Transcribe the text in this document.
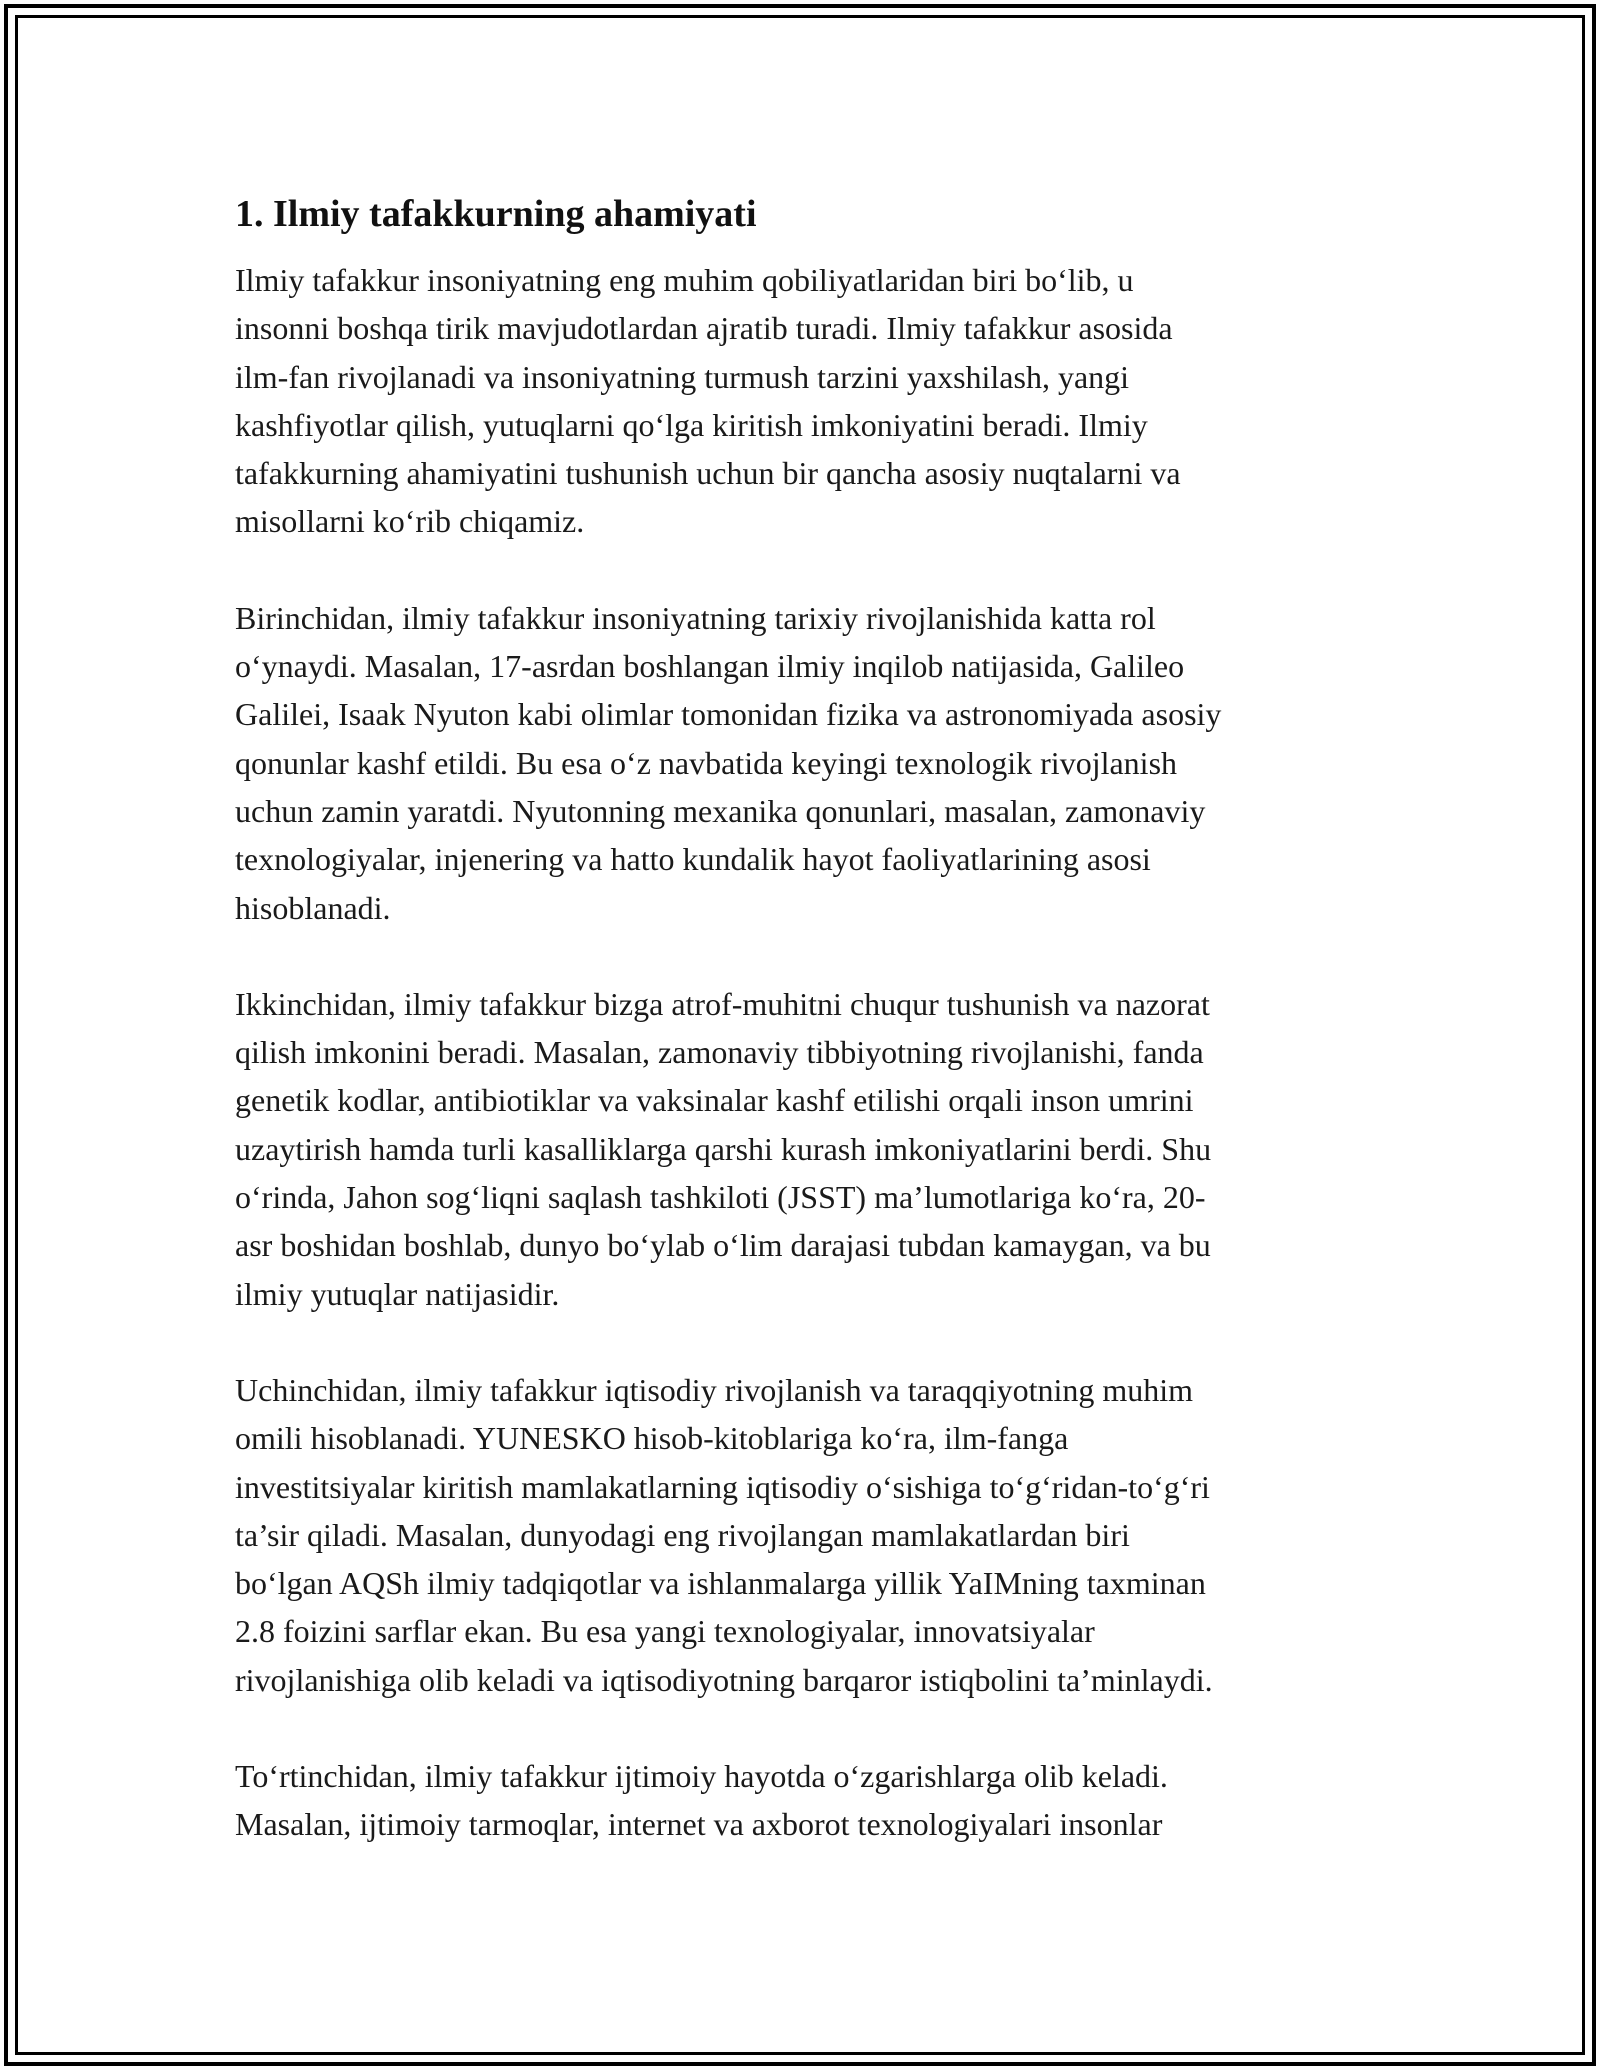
1. Ilmiy tafakkurning ahamiyati

Ilmiy tafakkur insoniyatning eng muhim qobiliyatlaridan biri bo‘lib, u
insonni boshqa tirik mavjudotlardan ajratib turadi. Ilmiy tafakkur asosida
ilm-fan rivojlanadi va insoniyatning turmush tarzini yaxshilash, yangi
kashfiyotlar qilish, yutuqlarni qo‘lga kiritish imkoniyatini beradi. Ilmiy
tafakkurning ahamiyatini tushunish uchun bir qancha asosiy nuqtalarni va
misollarni ko‘rib chiqamiz.

Birinchidan, ilmiy tafakkur insoniyatning tarixiy rivojlanishida katta rol
o‘ynaydi. Masalan, 17-asrdan boshlangan ilmiy inqilob natijasida, Galileo
Galilei, Isaak Nyuton kabi olimlar tomonidan fizika va astronomiyada asosiy
qonunlar kashf etildi. Bu esa o‘z navbatida keyingi texnologik rivojlanish
uchun zamin yaratdi. Nyutonning mexanika qonunlari, masalan, zamonaviy
texnologiyalar, injenering va hatto kundalik hayot faoliyatlarining asosi
hisoblanadi.

Ikkinchidan, ilmiy tafakkur bizga atrof-muhitni chuqur tushunish va nazorat
qilish imkonini beradi. Masalan, zamonaviy tibbiyotning rivojlanishi, fanda
genetik kodlar, antibiotiklar va vaksinalar kashf etilishi orqali inson umrini
uzaytirish hamda turli kasalliklarga qarshi kurash imkoniyatlarini berdi. Shu
o‘rinda, Jahon sog‘liqni saqlash tashkiloti (JSST) ma’lumotlariga ko‘ra, 20-
asr boshidan boshlab, dunyo bo‘ylab o‘lim darajasi tubdan kamaygan, va bu
ilmiy yutuqlar natijasidir.

Uchinchidan, ilmiy tafakkur iqtisodiy rivojlanish va taraqqiyotning muhim
omili hisoblanadi. YUNESKO hisob-kitoblariga ko‘ra, ilm-fanga
investitsiyalar kiritish mamlakatlarning iqtisodiy o‘sishiga to‘g‘ridan-to‘g‘ri
ta’sir qiladi. Masalan, dunyodagi eng rivojlangan mamlakatlardan biri
bo‘lgan AQSh ilmiy tadqiqotlar va ishlanmalarga yillik YaIMning taxminan
2.8 foizini sarflar ekan. Bu esa yangi texnologiyalar, innovatsiyalar
rivojlanishiga olib keladi va iqtisodiyotning barqaror istiqbolini ta’minlaydi.

To‘rtinchidan, ilmiy tafakkur ijtimoiy hayotda o‘zgarishlarga olib keladi.
Masalan, ijtimoiy tarmoqlar, internet va axborot texnologiyalari insonlar
